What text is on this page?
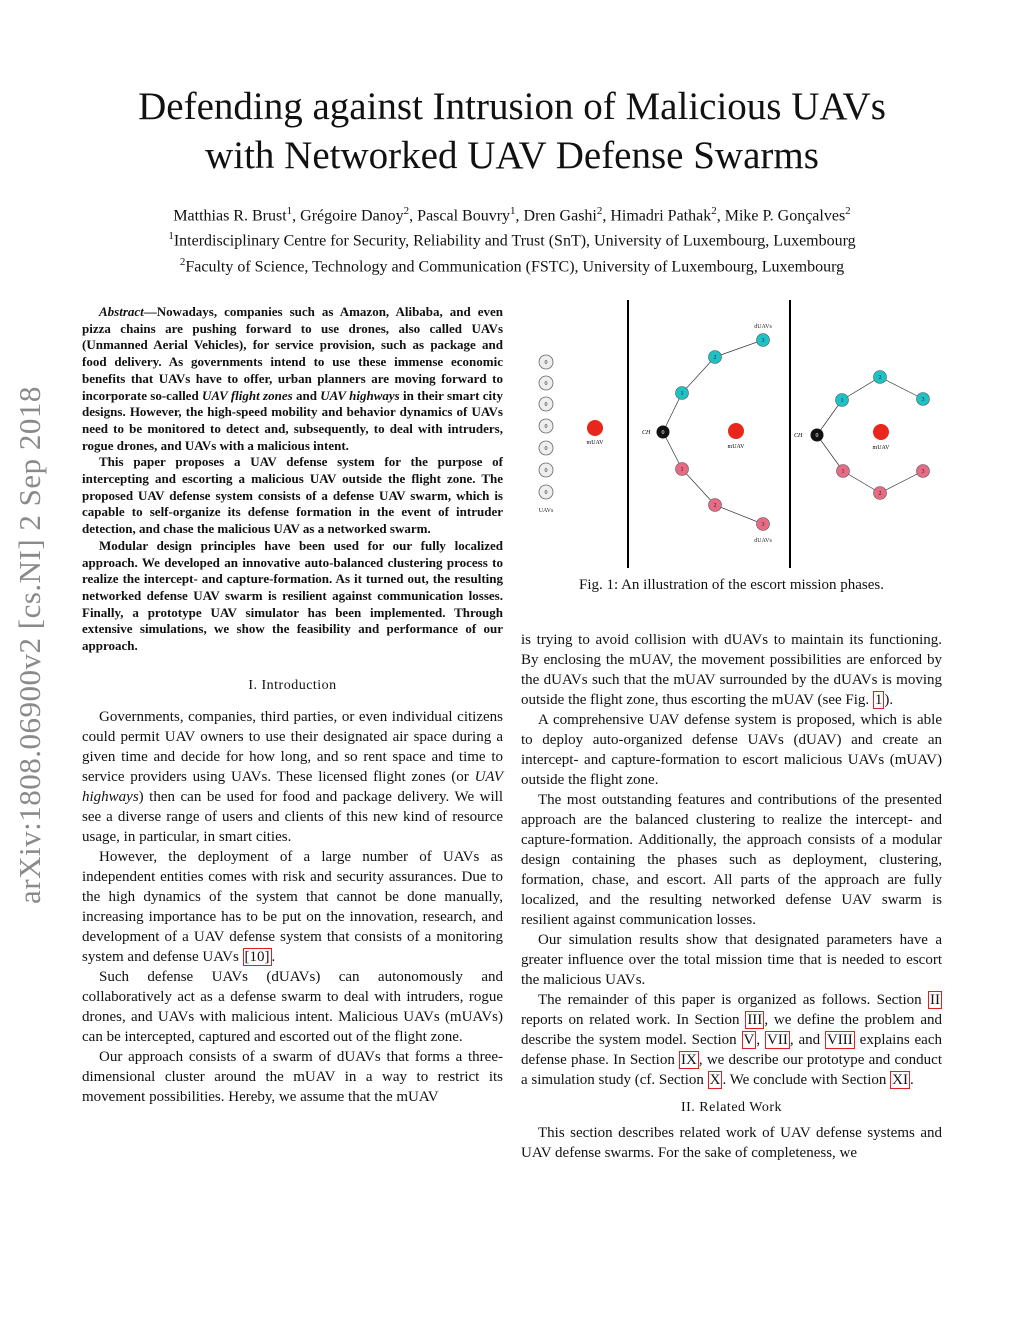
arXiv:1808.06900v2 [cs.NI] 2 Sep 2018
Defending against Intrusion of Malicious UAVs
with Networked UAV Defense Swarms
Matthias R. Brust$^1$, Grégoire Danoy$^2$, Pascal Bouvry$^1$, Dren Gashi$^2$, Himadri Pathak$^2$, Mike P. Gonçalves$^2$
$^1$Interdisciplinary Centre for Security, Reliability and Trust (SnT), University of Luxembourg, Luxembourg
$^2$Faculty of Science, Technology and Communication (FSTC), University of Luxembourg, Luxembourg

Abstract—Nowadays, companies such as Amazon, Alibaba, and even pizza chains are pushing forward to use drones, also called UAVs (Unmanned Aerial Vehicles), for service provision, such as package and food delivery. As governments intend to use these immense economic benefits that UAVs have to offer, urban planners are moving forward to incorporate so-called UAV flight zones and UAV highways in their smart city designs. However, the high-speed mobility and behavior dynamics of UAVs need to be monitored to detect and, subsequently, to deal with intruders, rogue drones, and UAVs with a malicious intent.

This paper proposes a UAV defense system for the purpose of intercepting and escorting a malicious UAV outside the flight zone. The proposed UAV defense system consists of a defense UAV swarm, which is capable to self-organize its defense formation in the event of intruder detection, and chase the malicious UAV as a networked swarm.

Modular design principles have been used for our fully localized approach. We developed an innovative auto-balanced clustering process to realize the intercept- and capture-formation. As it turned out, the resulting networked defense UAV swarm is resilient against communication losses. Finally, a prototype UAV simulator has been implemented. Through extensive simulations, we show the feasibility and performance of our approach.

I. Introduction

Governments, companies, third parties, or even individual citizens could permit UAV owners to use their designated air space during a given time and decide for how long, and so rent space and time to service providers using UAVs. These licensed flight zones (or UAV highways) then can be used for food and package delivery. We will see a diverse range of users and clients of this new kind of resource usage, in particular, in smart cities.

However, the deployment of a large number of UAVs as independent entities comes with risk and security assurances. Due to the high dynamics of the system that cannot be done manually, increasing importance has to be put on the innovation, research, and development of a UAV defense system that consists of a monitoring system and defense UAVs [10] .

Such defense UAVs (dUAVs) can autonomously and collaboratively act as a defense swarm to deal with intruders, rogue drones, and UAVs with malicious intent. Malicious UAVs (mUAVs) can be intercepted, captured and escorted out of the flight zone.

Our approach consists of a swarm of dUAVs that forms a three-dimensional cluster around the mUAV in a way to restrict its movement possibilities. Hereby, we assume that the mUAV

0
0
0
0
0
0
0
UAVs
mUAV
0
CH
1
2
3
1
2
3
dUAVs
dUAVs
mUAV
0
CH
1
2
3
1
2
3
mUAV
Fig. 1: An illustration of the escort mission phases.

is trying to avoid collision with dUAVs to maintain its functioning. By enclosing the mUAV, the movement possibilities are enforced by the dUAVs such that the mUAV surrounded by the dUAVs is moving outside the flight zone, thus escorting the mUAV (see Fig. 1 ).

A comprehensive UAV defense system is proposed, which is able to deploy auto-organized defense UAVs (dUAV) and create an intercept- and capture-formation to escort malicious UAVs (mUAV) outside the flight zone.

The most outstanding features and contributions of the presented approach are the balanced clustering to realize the intercept- and capture-formation. Additionally, the approach consists of a modular design containing the phases such as deployment, clustering, formation, chase, and escort. All parts of the approach are fully localized, and the resulting networked defense UAV swarm is resilient against communication losses.

Our simulation results show that designated parameters have a greater influence over the total mission time that is needed to escort the malicious UAVs.

The remainder of this paper is organized as follows. Section II reports on related work. In Section III , we define the problem and describe the system model. Section V , VII , and VIII explains each defense phase. In Section IX , we describe our prototype and conduct a simulation study (cf. Section X . We conclude with Section XI .

II. Related Work

This section describes related work of UAV defense systems and UAV defense swarms. For the sake of completeness, we
